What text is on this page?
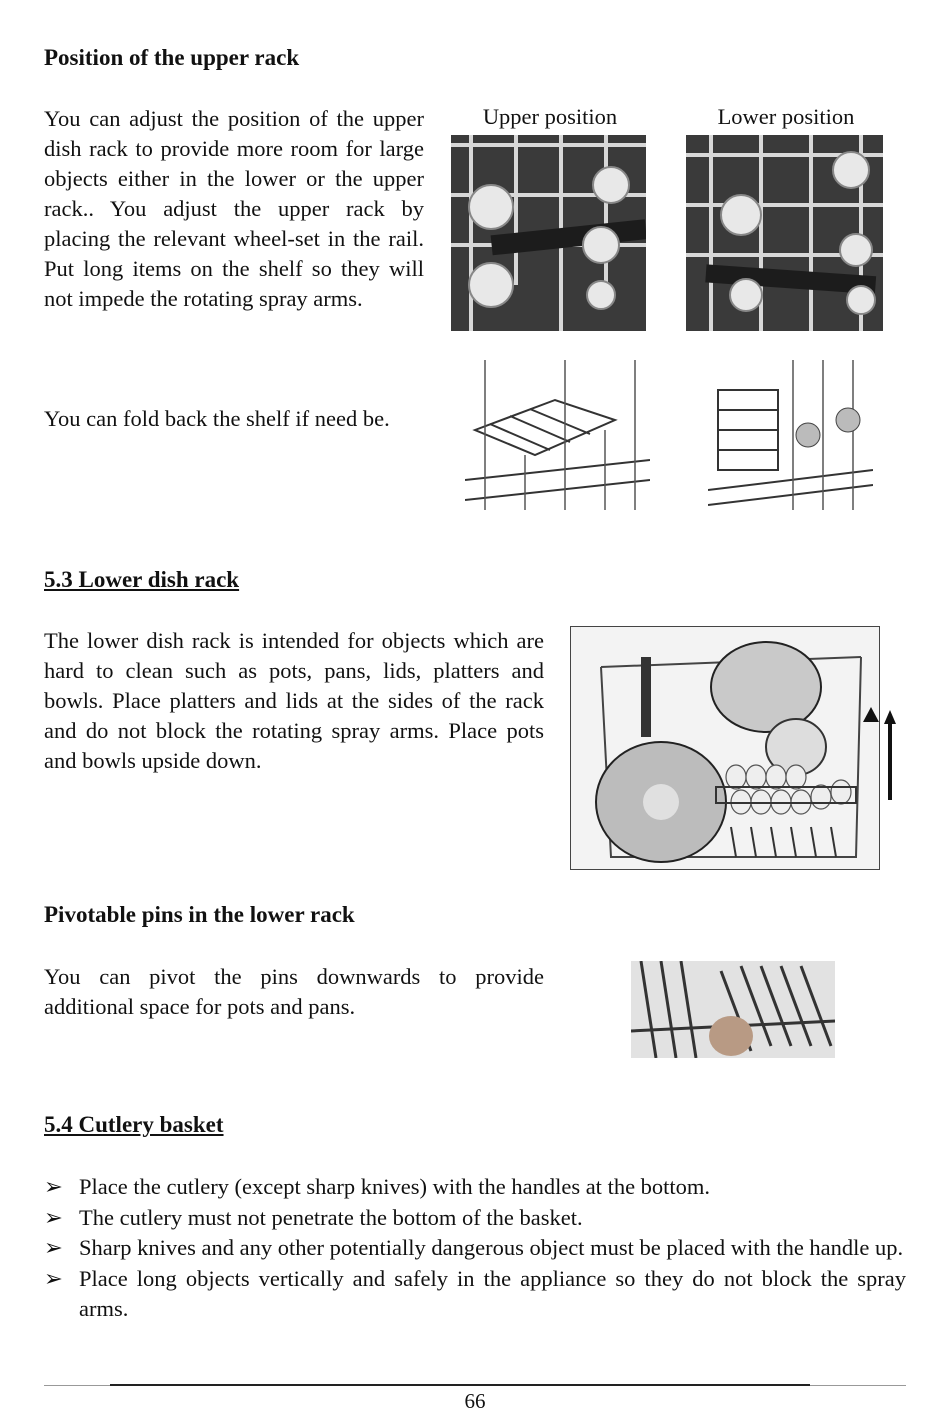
Position of the upper rack
You can adjust the position of the upper dish rack to provide more room for large objects either in the lower or the upper rack.. You adjust the upper rack by placing the relevant wheel-set in the rail. Put long items on the shelf so they will not impede the rotating spray arms.
Upper position	Lower position
You can fold back the shelf if need be.
5.3 Lower dish rack
The lower dish rack is intended for objects which are hard to clean such as pots, pans, lids, platters and bowls. Place platters and lids at the sides of the rack and do not block the rotating spray arms. Place pots and bowls upside down.
Pivotable pins in the lower rack
You can pivot the pins downwards to provide additional space for pots and pans.
5.4 Cutlery basket
➢ Place the cutlery (except sharp knives) with the handles at the bottom.
➢ The cutlery must not penetrate the bottom of the basket.
➢ Sharp knives and any other potentially dangerous object must be placed with the handle up.
➢ Place long objects vertically and safely in the appliance so they do not block the spray arms.
66
